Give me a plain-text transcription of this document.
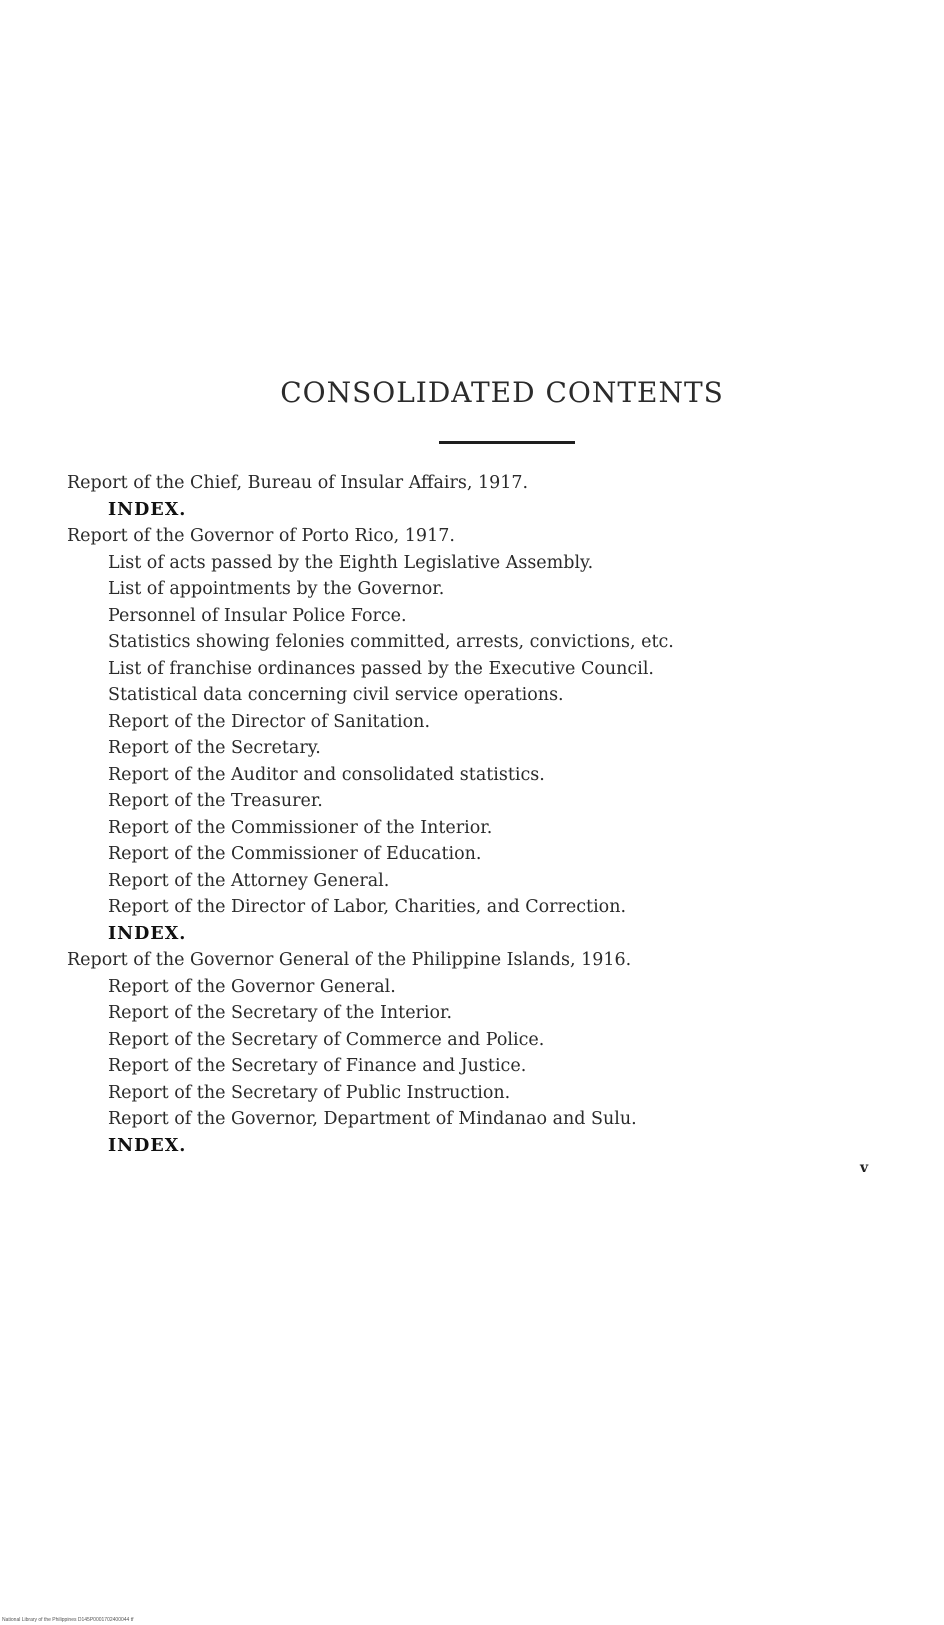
CONSOLIDATED CONTENTS
Report of the Chief, Bureau of Insular Affairs, 1917.
INDEX.
Report of the Governor of Porto Rico, 1917.
List of acts passed by the Eighth Legislative Assembly.
List of appointments by the Governor.
Personnel of Insular Police Force.
Statistics showing felonies committed, arrests, convictions, etc.
List of franchise ordinances passed by the Executive Council.
Statistical data concerning civil service operations.
Report of the Director of Sanitation.
Report of the Secretary.
Report of the Auditor and consolidated statistics.
Report of the Treasurer.
Report of the Commissioner of the Interior.
Report of the Commissioner of Education.
Report of the Attorney General.
Report of the Director of Labor, Charities, and Correction.
INDEX.
Report of the Governor General of the Philippine Islands, 1916.
Report of the Governor General.
Report of the Secretary of the Interior.
Report of the Secretary of Commerce and Police.
Report of the Secretary of Finance and Justice.
Report of the Secretary of Public Instruction.
Report of the Governor, Department of Mindanao and Sulu.
INDEX.
v
National Library of the Philippines D145P0001702400044 tf
